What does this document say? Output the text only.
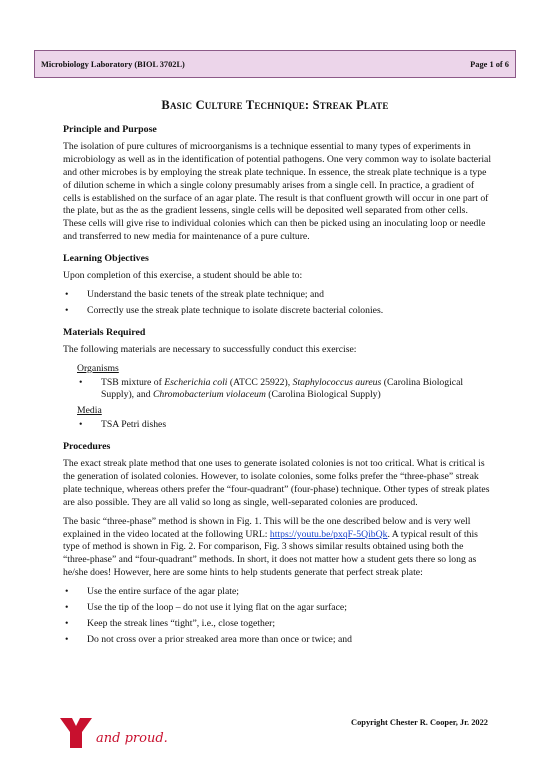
Microbiology Laboratory (BIOL 3702L)	Page 1 of 6
Basic Culture Technique: Streak Plate
Principle and Purpose

The isolation of pure cultures of microorganisms is a technique essential to many types of experiments in microbiology as well as in the identification of potential pathogens. One very common way to isolate bacterial and other microbes is by employing the streak plate technique. In essence, the streak plate technique is a type of dilution scheme in which a single colony presumably arises from a single cell. In practice, a gradient of cells is established on the surface of an agar plate. The result is that confluent growth will occur in one part of the plate, but as the as the gradient lessens, single cells will be deposited well separated from other cells. These cells will give rise to individual colonies which can then be picked using an inoculating loop or needle and transferred to new media for maintenance of a pure culture.

Learning Objectives

Upon completion of this exercise, a student should be able to:

• Understand the basic tenets of the streak plate technique; and
• Correctly use the streak plate technique to isolate discrete bacterial colonies.
Materials Required

The following materials are necessary to successfully conduct this exercise:

Organisms
• TSB mixture of Escherichia coli (ATCC 25922), Staphylococcus aureus (Carolina Biological Supply), and Chromobacterium violaceum (Carolina Biological Supply)
Media
• TSA Petri dishes
Procedures

The exact streak plate method that one uses to generate isolated colonies is not too critical. What is critical is the generation of isolated colonies. However, to isolate colonies, some folks prefer the “three-phase” streak plate technique, whereas others prefer the “four-quadrant” (four-phase) technique. Other types of streak plates are also possible. They are all valid so long as single, well-separated colonies are produced.

The basic “three-phase” method is shown in Fig. 1. This will be the one described below and is very well explained in the video located at the following URL: https://youtu.be/pxqF-5QibQk. A typical result of this type of method is shown in Fig. 2. For comparison, Fig. 3 shows similar results obtained using both the “three-phase” and “four-quadrant” methods. In short, it does not matter how a student gets there so long as he/she does! However, here are some hints to help students generate that perfect streak plate:

• Use the entire surface of the agar plate;
• Use the tip of the loop – do not use it lying flat on the agar surface;
• Keep the streak lines “tight”, i.e., close together;
• Do not cross over a prior streaked area more than once or twice; and
and proud.
Copyright Chester R. Cooper, Jr. 2022
